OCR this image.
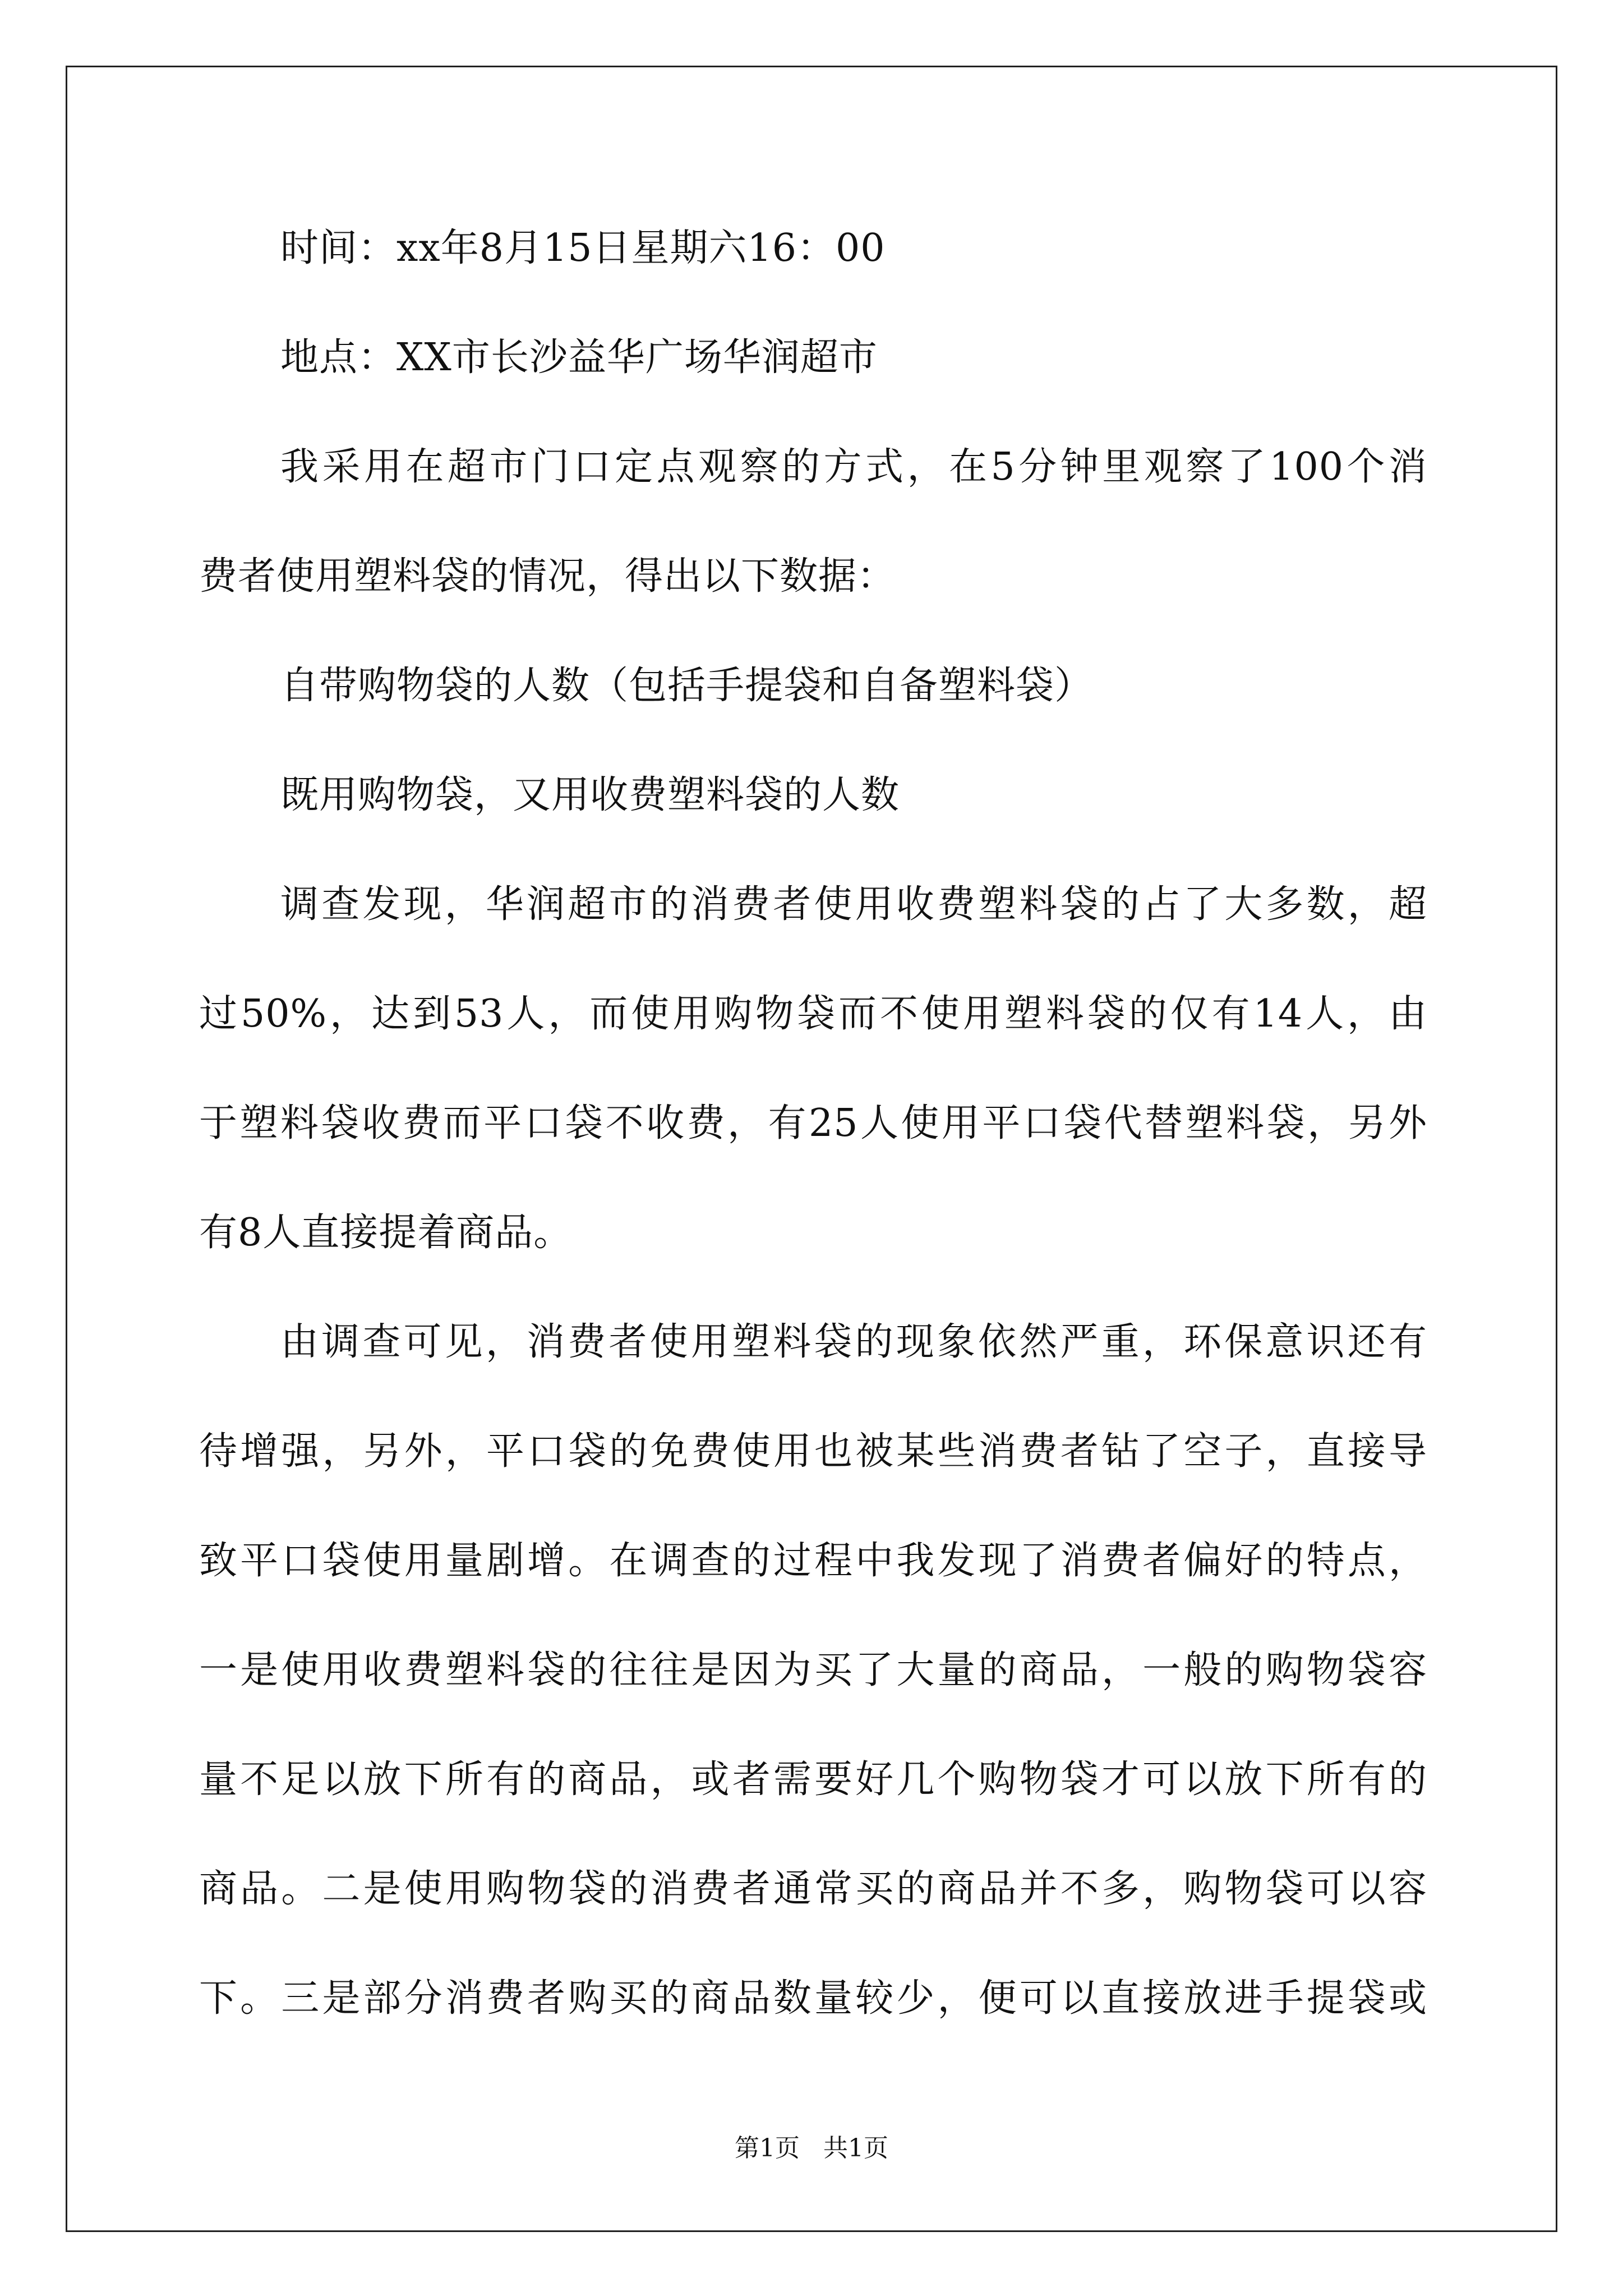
时间：xx年8月15日星期六16：00
地点：XX市长沙益华广场华润超市
我采用在超市门口定点观察的方式，在5分钟里观察了100个消
费者使用塑料袋的情况，得出以下数据：
自带购物袋的人数（包括手提袋和自备塑料袋）
既用购物袋，又用收费塑料袋的人数
调查发现，华润超市的消费者使用收费塑料袋的占了大多数，超
过50%，达到53人，而使用购物袋而不使用塑料袋的仅有14人，由
于塑料袋收费而平口袋不收费，有25人使用平口袋代替塑料袋，另外
有8人直接提着商品。
由调查可见，消费者使用塑料袋的现象依然严重，环保意识还有
待增强，另外，平口袋的免费使用也被某些消费者钻了空子，直接导
致平口袋使用量剧增。在调查的过程中我发现了消费者偏好的特点，
一是使用收费塑料袋的往往是因为买了大量的商品，一般的购物袋容
量不足以放下所有的商品，或者需要好几个购物袋才可以放下所有的
商品。二是使用购物袋的消费者通常买的商品并不多，购物袋可以容
下。三是部分消费者购买的商品数量较少，便可以直接放进手提袋或
第1页 共1页
